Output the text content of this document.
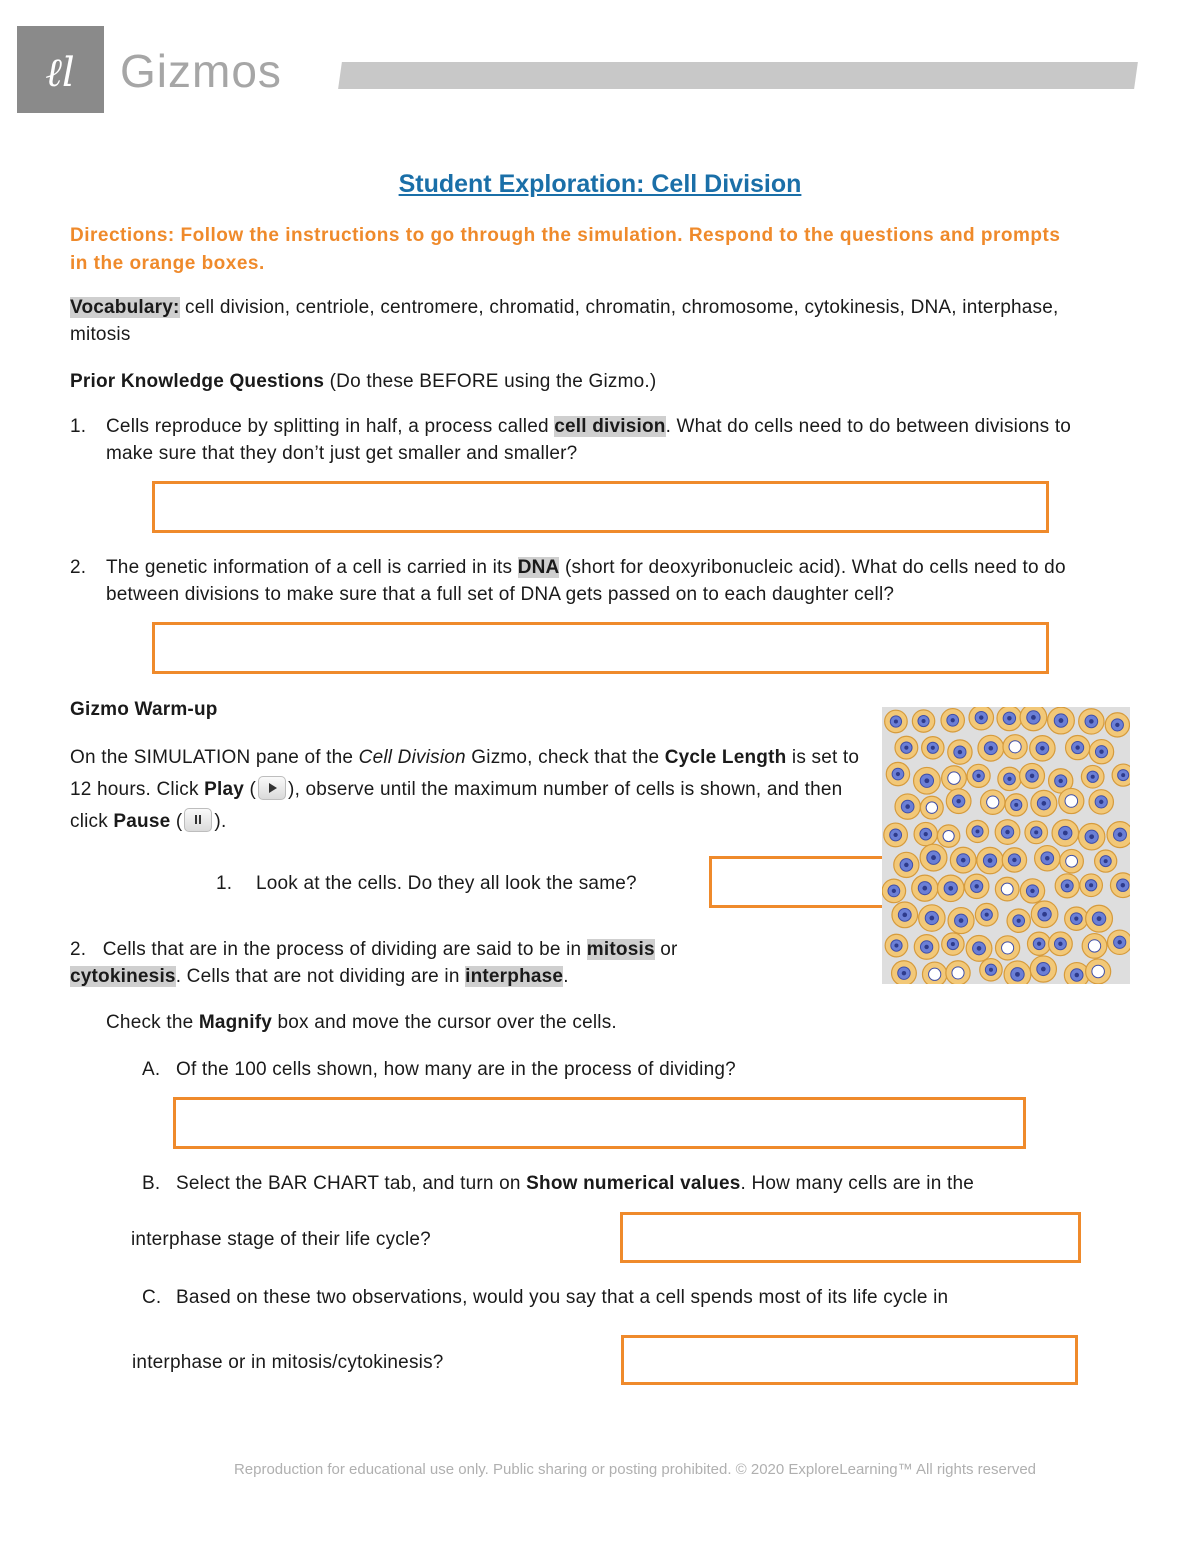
ℓl Gizmos
Student Exploration: Cell Division
Directions: Follow the instructions to go through the simulation. Respond to the questions and prompts in the orange boxes.
Vocabulary: cell division, centriole, centromere, chromatid, chromatin, chromosome, cytokinesis, DNA, interphase, mitosis
Prior Knowledge Questions (Do these BEFORE using the Gizmo.)
1. Cells reproduce by splitting in half, a process called cell division. What do cells need to do between divisions to make sure that they don’t just get smaller and smaller?
2. The genetic information of a cell is carried in its DNA (short for deoxyribonucleic acid). What do cells need to do between divisions to make sure that a full set of DNA gets passed on to each daughter cell?
Gizmo Warm-up
On the SIMULATION pane of the Cell Division Gizmo, check that the Cycle Length is set to 12 hours. Click Play ( ), observe until the maximum number of cells is shown, and then click Pause ( ).
1. Look at the cells. Do they all look the same?
2. Cells that are in the process of dividing are said to be in mitosis or cytokinesis. Cells that are not dividing are in interphase.
Check the Magnify box and move the cursor over the cells.
A. Of the 100 cells shown, how many are in the process of dividing?
B. Select the BAR CHART tab, and turn on Show numerical values. How many cells are in the
interphase stage of their life cycle?
C. Based on these two observations, would you say that a cell spends most of its life cycle in
interphase or in mitosis/cytokinesis?
Reproduction for educational use only. Public sharing or posting prohibited. © 2020 ExploreLearning™ All rights reserved
